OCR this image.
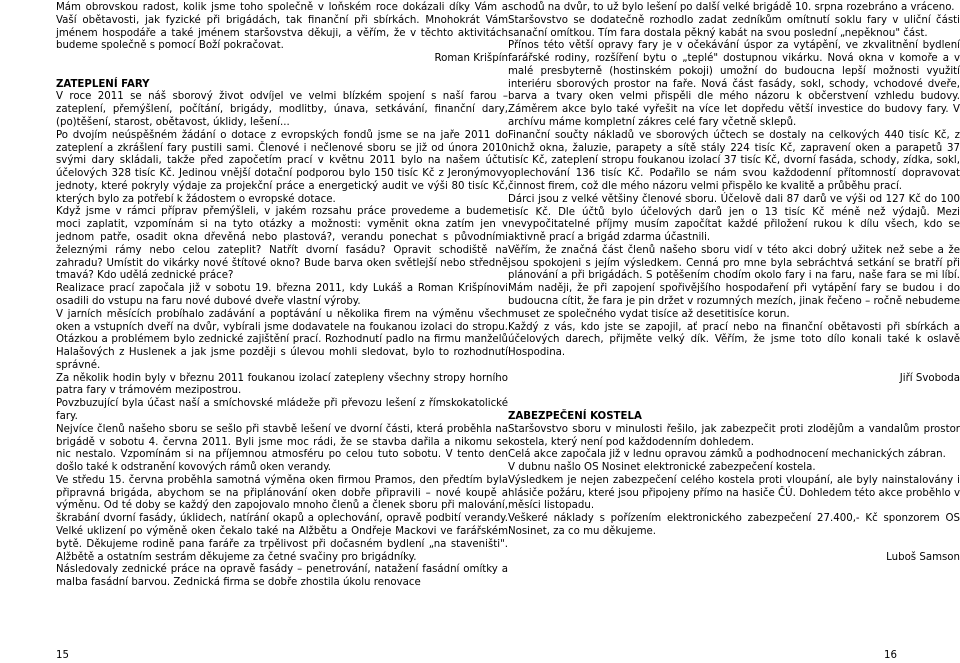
Mám obrovskou radost, kolik jsme toho společně v loňském roce dokázali díky Vám a Vaší obětavosti, jak fyzické při brigádách, tak finanční při sbírkách. Mnohokrát Vám jménem hospodáře a také jménem staršovstva děkuji, a věřím, že v těchto aktivitách budeme společně s pomocí Boží pokračovat.

Roman Krišpín

ZATEPLENÍ FARY

V roce 2011 se náš sborový život odvíjel ve velmi blízkém spojení s naší farou – zateplení, přemýšlení, počítání, brigády, modlitby, únava, setkávání, finanční dary, (po)těšení, starost, obětavost, úklidy, lešení...

Po dvojím neúspěšném žádání o dotace z evropských fondů jsme se na jaře 2011 do zateplení a zkrášlení fary pustili sami. Členové i nečlenové sboru se již od února 2010 svými dary skládali, takže před započetím prací v květnu 2011 bylo na našem účtu účelových 328 tisíc Kč. Jedinou vnější dotační podporou bylo 150 tisíc Kč z Jeronýmovy jednoty, které pokryly výdaje za projekční práce a energetický audit ve výši 80 tisíc Kč, kterých bylo za potřebí k žádostem o evropské dotace.

Když jsme v rámci příprav přemýšleli, v jakém rozsahu práce provedeme a budeme moci zaplatit, vzpomínám si na tyto otázky a možnosti: vyměnit okna zatím jen v jednom patře, osadit okna dřevěná nebo plastová?, verandu ponechat s původními železnými rámy nebo celou zateplit? Natřít dvorní fasádu? Opravit schodiště na zahradu? Umístit do vikárky nové štítové okno? Bude barva oken světlejší nebo středně tmavá? Kdo udělá zednické práce?

Realizace prací započala již v sobotu 19. března 2011, kdy Lukáš a Roman Krišpínovi osadili do vstupu na faru nové dubové dveře vlastní výroby.

V jarních měsících probíhalo zadávání a poptávání u několika firem na výměnu všech oken a vstupních dveří na dvůr, vybírali jsme dodavatele na foukanou izolaci do stropu. Otázkou a problémem bylo zednické zajištění prací. Rozhodnutí padlo na firmu manželů Halašových z Huslenek a jak jsme později s úlevou mohli sledovat, bylo to rozhodnutí správné.

Za několik hodin byly v březnu 2011 foukanou izolací zatepleny všechny stropy horního patra fary v trámovém mezipostrou.

Povzbuzující byla účast naší a smíchovské mládeže při převozu lešení z římskokatolické fary.

Nejvíce členů našeho sboru se sešlo při stavbě lešení ve dvorní části, která proběhla na brigádě v sobotu 4. června 2011. Byli jsme moc rádi, že se stavba dařila a nikomu se nic nestalo. Vzpomínám si na příjemnou atmosféru po celou tuto sobotu. V tento den došlo také k odstranění kovových rámů oken verandy.

Ve středu 15. června proběhla samotná výměna oken firmou Pramos, den předtím byla připravná brigáda, abychom se na připlánování oken dobře připravili – nové koupě a výměnu. Od té doby se každý den zapojovalo mnoho členů a členek sboru při malování, škrabání dvorní fasády, úklidech, natírání okapů a oplechování, opravě podbití verandy. Velké uklizení po výměně oken čekalo také na Alžbětu a Ondřeje Mackovi ve farářském bytě. Děkujeme rodině pana faráře za trpělivost při dočasném bydlení „na staveništi". Alžbětě a ostatním sestrám děkujeme za četné svačiny pro brigádníky.

Následovaly zednické práce na opravě fasády – penetrování, natažení fasádní omítky a malba fasádní barvou. Zednická firma se dobře zhostila úkolu renovace

schodů na dvůr, to už bylo lešení po další velké brigádě 10. srpna rozebráno a vráceno.

Staršovstvo se dodatečně rozhodlo zadat zedníkům omítnutí soklu fary v uliční části sanační omítkou. Tím fara dostala pěkný kabát na svou poslední „nepěknou" část.

Přínos této větší opravy fary je v očekávání úspor za vytápění, ve zkvalitnění bydlení farářské rodiny, rozšíření bytu o „teplé" dostupnou vikárku. Nová okna v komoře a v malé presbyterně (hostinském pokoji) umožní do budoucna lepší možnosti využití interiéru sborových prostor na faře. Nová část fasády, sokl, schody, vchodové dveře, barva a tvary oken velmi přispěli dle mého názoru k občerstvení vzhledu budovy. Záměrem akce bylo také vyřešit na více let dopředu větší investice do budovy fary. V archívu máme kompletní zákres celé fary včetně sklepů.

Finanční součty nákladů ve sborových účtech se dostaly na celkových 440 tisíc Kč, z nichž okna, žaluzie, parapety a sítě stály 224 tisíc Kč, zapravení oken a parapetů 37 tisíc Kč, zateplení stropu foukanou izolací 37 tisíc Kč, dvorní fasáda, schody, zídka, sokl, oplechování 136 tisíc Kč. Podařilo se nám svou každodenní přítomností dopravovat činnost firem, což dle mého názoru velmi přispělo ke kvalitě a průběhu prací.

Dárci jsou z velké většiny členové sboru. Účelově dali 87 darů ve výši od 127 Kč do 100 tisíc Kč. Dle účtů bylo účelových darů jen o 13 tisíc Kč méně než výdajů. Mezi nevypočitatelné příjmy musím započítat každé přiložení rukou k dílu všech, kdo se aktivně prací a brigád zdarma účastnili.

Věřím, že značná část členů našeho sboru vidí v této akci dobrý užitek než sebe a že jsou spokojeni s jejím výsledkem. Cenná pro mne byla sebráchtvá setkání se bratří při plánování a při brigádách. S potěšením chodím okolo fary i na faru, naše fara se mi líbí. Mám naději, že při zapojení spořivějšího hospodaření při vytápění fary se budou i do budoucna cítit, že fara je pin držet v rozumných mezích, jinak řečeno – ročně nebudeme muset ze společného vydat tisíce až desetitisíce korun.

Každý z vás, kdo jste se zapojil, ať prací nebo na finanční obětavosti při sbírkách a účelových darech, přijměte velký dík. Věřím, že jsme toto dílo konali také k oslavě Hospodina.

Jiří Svoboda

ZABEZPEČENÍ KOSTELA

Staršovstvo sboru v minulosti řešilo, jak zabezpečit proti zlodějům a vandalům prostor kostela, který není pod každodenním dohledem.

Celá akce započala již v lednu opravou zámků a podhodnocení mechanických zábran.

V dubnu našlo OS Nosinet elektronické zabezpečení kostela.

Výsledkem je nejen zabezpečení celého kostela proti vloupání, ale byly nainstalovány i hlásiče požáru, které jsou připojeny přímo na hasiče ČÚ. Dohledem této akce proběhlo v měsíci listopadu.

Veškeré náklady s pořízením elektronického zabezpečení 27.400,- Kč sponzorem OS Nosinet, za co mu děkujeme.

Luboš Samson

15	16
